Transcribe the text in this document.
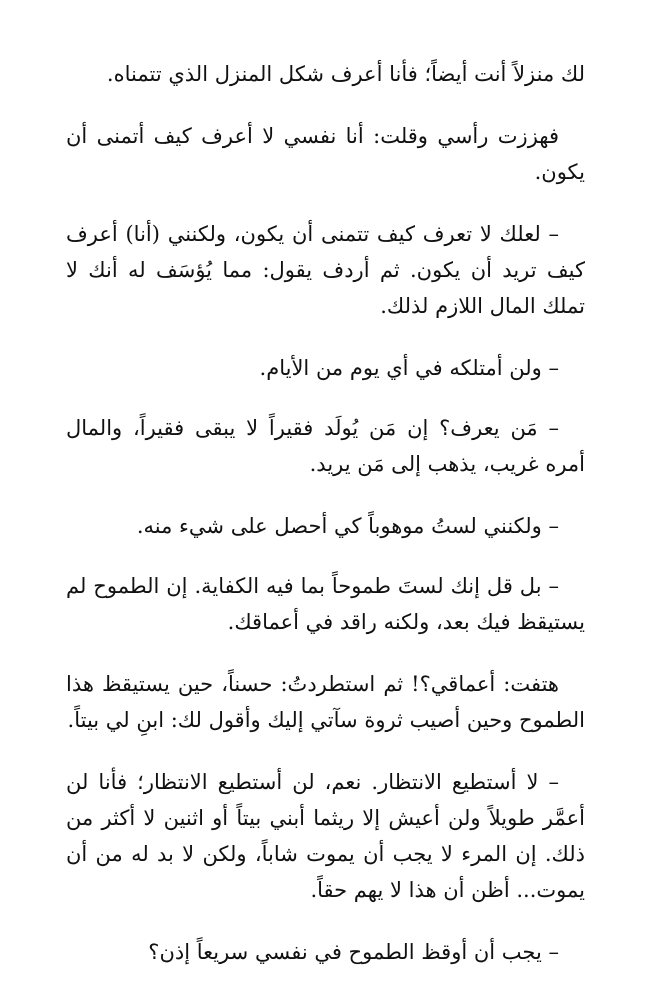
لك منزلاً أنت أيضاً؛ فأنا أعرف شكل المنزل الذي تتمناه.

فهززت رأسي وقلت: أنا نفسي لا أعرف كيف أتمنى أن يكون.

– لعلك لا تعرف كيف تتمنى أن يكون، ولكنني (أنا) أعرف كيف تريد أن يكون. ثم أردف يقول: مما يُؤسَف له أنك لا تملك المال اللازم لذلك.

– ولن أمتلكه في أي يوم من الأيام.

– مَن يعرف؟ إن مَن يُولَد فقيراً لا يبقى فقيراً، والمال أمره غريب، يذهب إلى مَن يريد.

– ولكنني لستُ موهوباً كي أحصل على شيء منه.

– بل قل إنك لستَ طموحاً بما فيه الكفاية. إن الطموح لم يستيقظ فيك بعد، ولكنه راقد في أعماقك.

هتفت: أعماقي؟! ثم استطردتُ: حسناً، حين يستيقظ هذا الطموح وحين أصيب ثروة سآتي إليك وأقول لك: ابنِ لي بيتاً.

– لا أستطيع الانتظار. نعم، لن أستطيع الانتظار؛ فأنا لن أعمَّر طويلاً ولن أعيش إلا ريثما أبني بيتاً أو اثنين لا أكثر من ذلك. إن المرء لا يجب أن يموت شاباً، ولكن لا بد له من أن يموت... أظن أن هذا لا يهم حقاً.

– يجب أن أوقظ الطموح في نفسي سريعاً إذن؟
